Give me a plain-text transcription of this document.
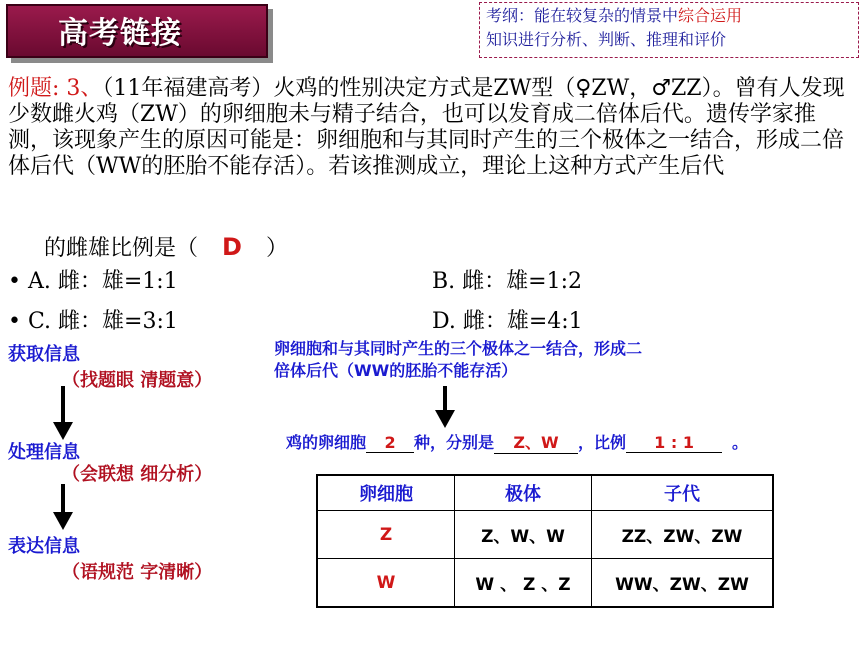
高考链接
考纲：能在较复杂的情景中综合运用
知识进行分析、判断、推理和评价
例题: 3、（11年福建高考）火鸡的性别决定方式是ZW型（♀ZW，♂ZZ）。曾有人发现少数雌火鸡（ZW）的卵细胞未与精子结合，也可以发育成二倍体后代。遗传学家推测，该现象产生的原因可能是：卵细胞和与其同时产生的三个极体之一结合，形成二倍体后代（WW的胚胎不能存活）。若该推测成立，理论上这种方式产生后代
的雌雄比例是（ D ）
• A. 雌：雄=1:1	B. 雌：雄=1:2
• C. 雌：雄=3:1	D. 雌：雄=4:1
获取信息
（找题眼 清题意）
处理信息
（会联想 细分析）
表达信息
（语规范 字清晰）
卵细胞和与其同时产生的三个极体之一结合，形成二
倍体后代（WW的胚胎不能存活）
鸡的卵细胞 2 种，分别是 Z、W ，比例 1 : 1 。
卵细胞	极体	子代
Z	Z、W、W	ZZ、ZW、ZW
W	W 、 Z 、Z	WW、ZW、ZW
